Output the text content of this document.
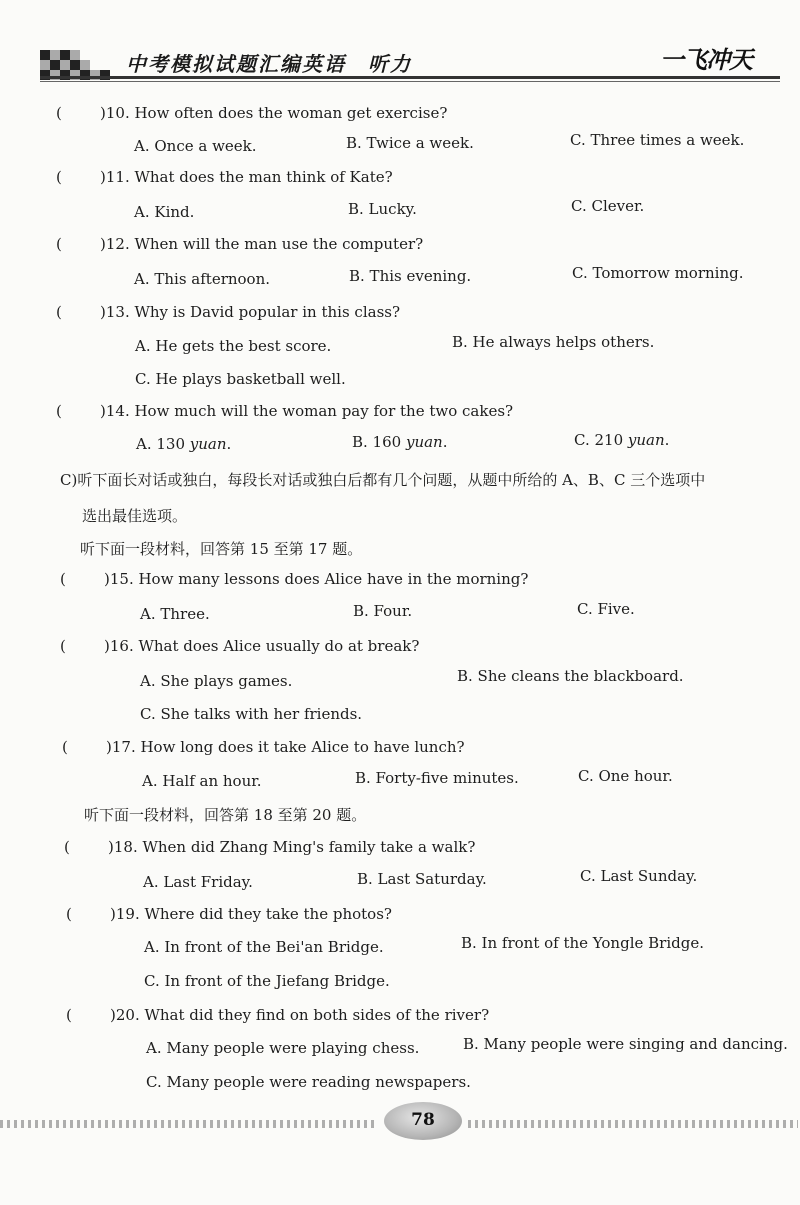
中考模拟试题汇编英语　听力	一飞冲天
(	)10. How often does the woman get exercise?
A. Once a week.	B. Twice a week.	C. Three times a week.
(	)11. What does the man think of Kate?
A. Kind.	B. Lucky.	C. Clever.
(	)12. When will the man use the computer?
A. This afternoon.	B. This evening.	C. Tomorrow morning.
(	)13. Why is David popular in this class?
A. He gets the best score.	B. He always helps others.
C. He plays basketball well.
(	)14. How much will the woman pay for the two cakes?
A. 130 yuan.	B. 160 yuan.	C. 210 yuan.
C)听下面长对话或独白，每段长对话或独白后都有几个问题，从题中所给的 A、B、C 三个选项中
选出最佳选项。
听下面一段材料，回答第 15 至第 17 题。
(	)15. How many lessons does Alice have in the morning?
A. Three.	B. Four.	C. Five.
(	)16. What does Alice usually do at break?
A. She plays games.	B. She cleans the blackboard.
C. She talks with her friends.
(	)17. How long does it take Alice to have lunch?
A. Half an hour.	B. Forty-five minutes.	C. One hour.
听下面一段材料，回答第 18 至第 20 题。
(	)18. When did Zhang Ming's family take a walk?
A. Last Friday.	B. Last Saturday.	C. Last Sunday.
(	)19. Where did they take the photos?
A. In front of the Bei'an Bridge.	B. In front of the Yongle Bridge.
C. In front of the Jiefang Bridge.
(	)20. What did they find on both sides of the river?
A. Many people were playing chess.	B. Many people were singing and dancing.
C. Many people were reading newspapers.
78
